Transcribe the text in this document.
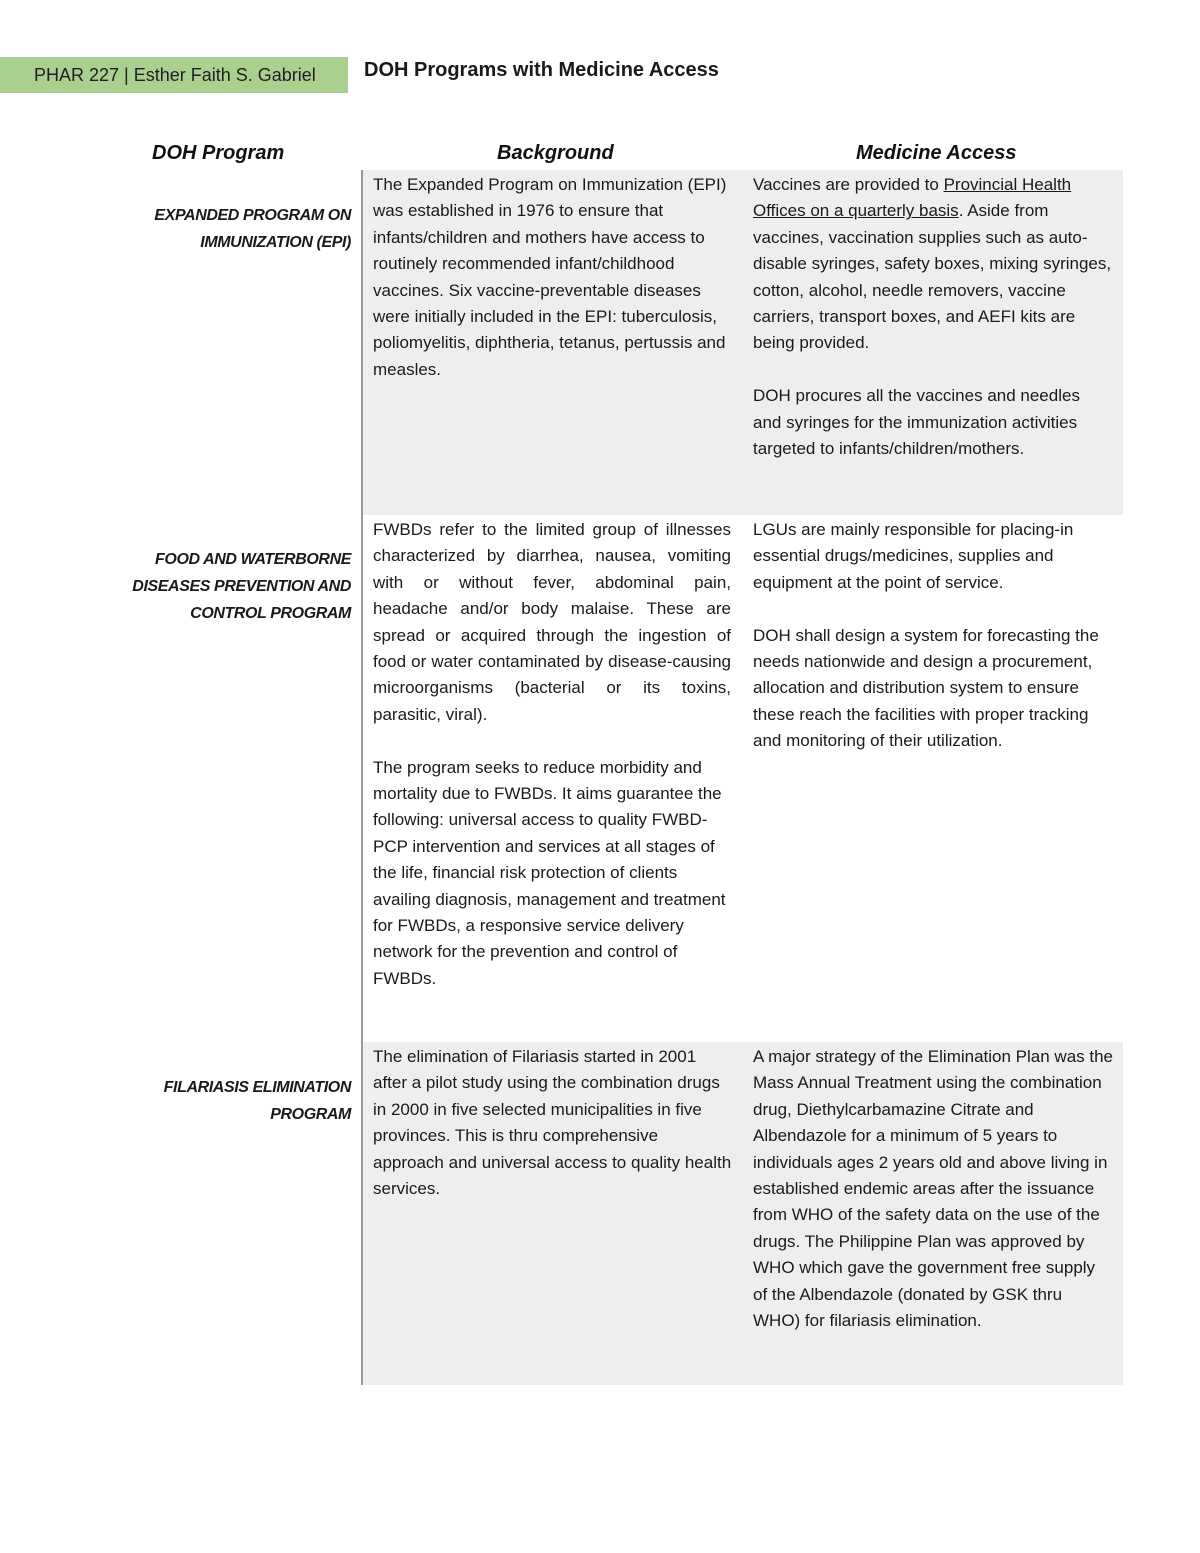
PHAR 227 | Esther Faith S. Gabriel DOH Programs with Medicine Access
DOH Program	Background	Medicine Access
EXPANDED PROGRAM ON IMMUNIZATION (EPI)

The Expanded Program on Immunization (EPI) was established in 1976 to ensure that infants/children and mothers have access to routinely recommended infant/childhood vaccines. Six vaccine-preventable diseases were initially included in the EPI: tuberculosis, poliomyelitis, diphtheria, tetanus, pertussis and measles.

Vaccines are provided to Provincial Health Offices on a quarterly basis. Aside from vaccines, vaccination supplies such as auto-disable syringes, safety boxes, mixing syringes, cotton, alcohol, needle removers, vaccine carriers, transport boxes, and AEFI kits are being provided.

DOH procures all the vaccines and needles and syringes for the immunization activities targeted to infants/children/mothers.

FOOD AND WATERBORNE DISEASES PREVENTION AND CONTROL PROGRAM

FWBDs refer to the limited group of illnesses characterized by diarrhea, nausea, vomiting with or without fever, abdominal pain, headache and/or body malaise. These are spread or acquired through the ingestion of food or water contaminated by disease-causing microorganisms (bacterial or its toxins, parasitic, viral).

The program seeks to reduce morbidity and mortality due to FWBDs. It aims guarantee the following: universal access to quality FWBD-PCP intervention and services at all stages of the life, financial risk protection of clients availing diagnosis, management and treatment for FWBDs, a responsive service delivery network for the prevention and control of FWBDs.

LGUs are mainly responsible for placing-in essential drugs/medicines, supplies and equipment at the point of service.

DOH shall design a system for forecasting the needs nationwide and design a procurement, allocation and distribution system to ensure these reach the facilities with proper tracking and monitoring of their utilization.

FILARIASIS ELIMINATION PROGRAM

The elimination of Filariasis started in 2001 after a pilot study using the combination drugs in 2000 in five selected municipalities in five provinces. This is thru comprehensive approach and universal access to quality health services.

A major strategy of the Elimination Plan was the Mass Annual Treatment using the combination drug, Diethylcarbamazine Citrate and Albendazole for a minimum of 5 years to individuals ages 2 years old and above living in established endemic areas after the issuance from WHO of the safety data on the use of the drugs. The Philippine Plan was approved by WHO which gave the government free supply of the Albendazole (donated by GSK thru WHO) for filariasis elimination.
